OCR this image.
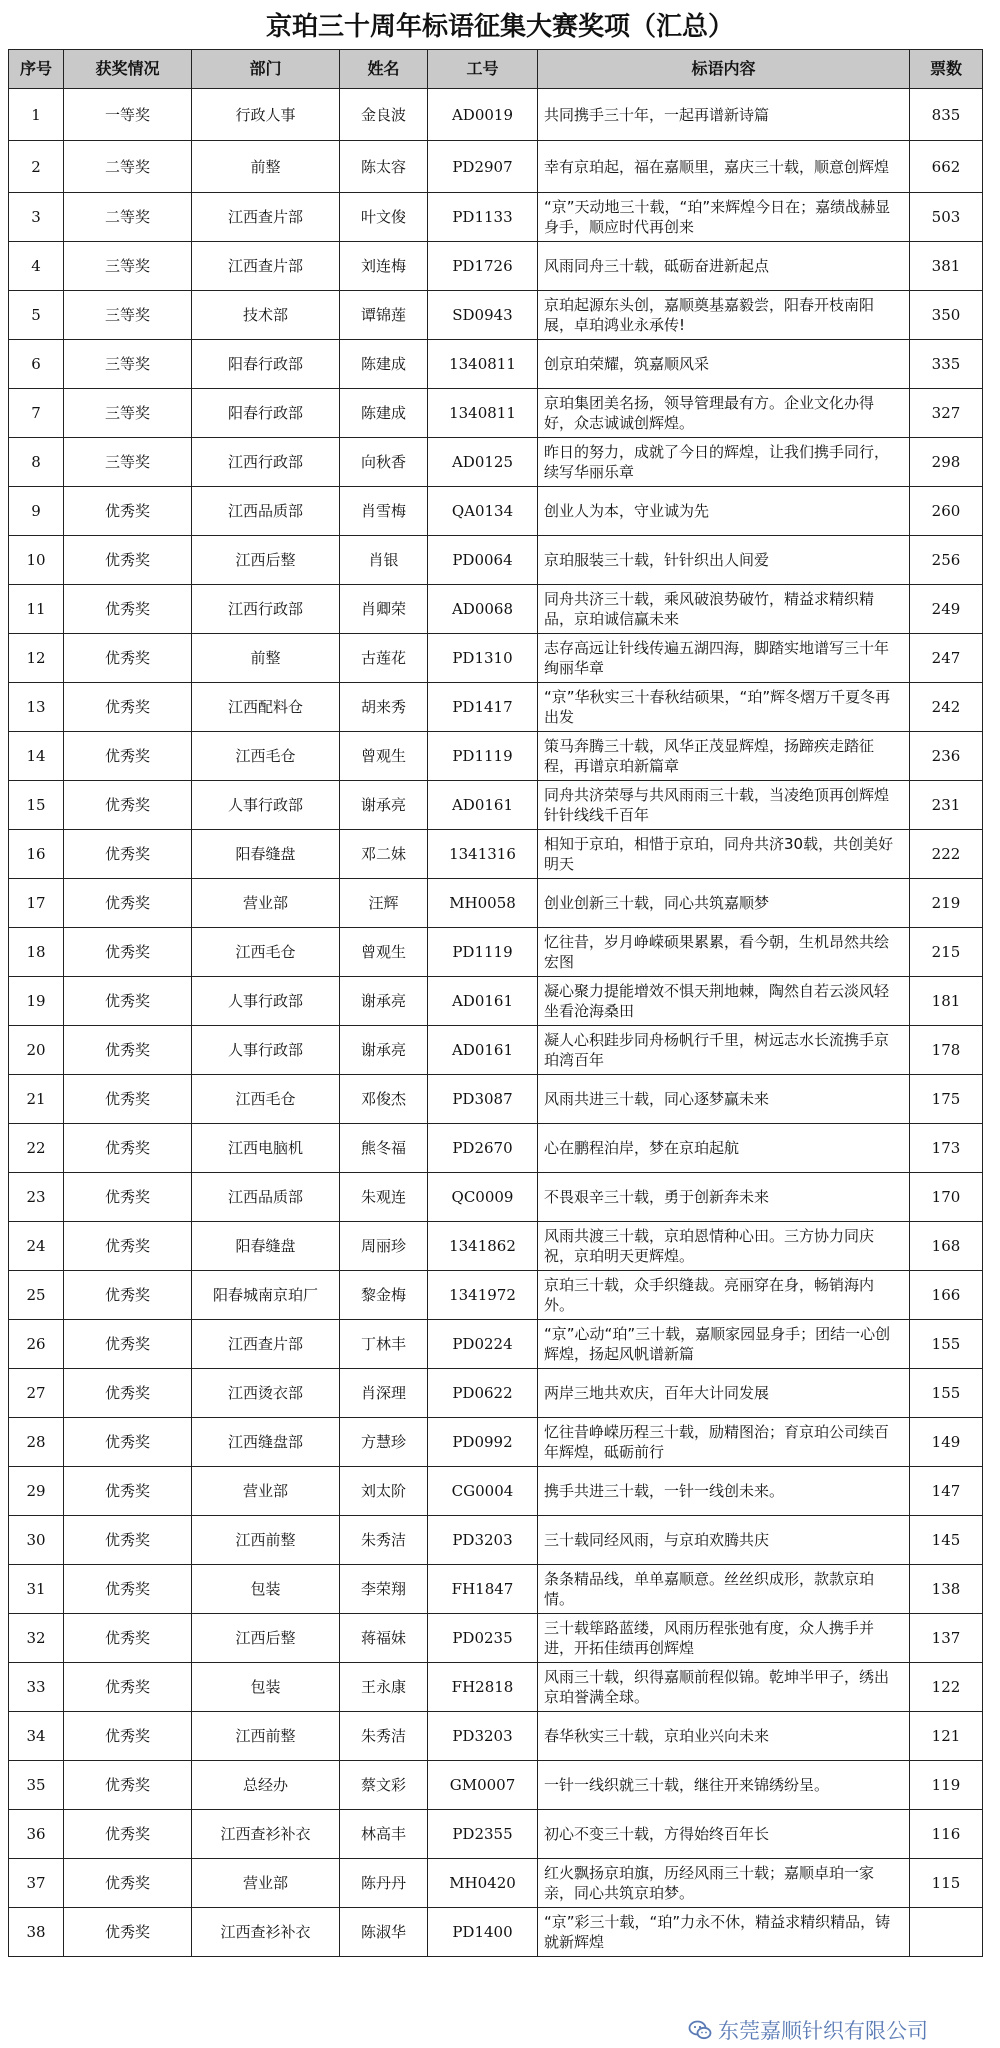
京珀三十周年标语征集大赛奖项（汇总）
序号	获奖情况	部门	姓名	工号	标语内容	票数
1	一等奖	行政人事	金良波	AD0019	共同携手三十年，一起再谱新诗篇	835
2	二等奖	前整	陈太容	PD2907	幸有京珀起，福在嘉顺里，嘉庆三十载，顺意创辉煌	662
3	二等奖	江西查片部	叶文俊	PD1133	“京”天动地三十载，“珀”来辉煌今日在；嘉绩战赫显身手，顺应时代再创来	503
4	三等奖	江西查片部	刘连梅	PD1726	风雨同舟三十载，砥砺奋进新起点	381
5	三等奖	技术部	谭锦莲	SD0943	京珀起源东头创，嘉顺奠基嘉毅尝，阳春开枝南阳展，卓珀鸿业永承传!	350
6	三等奖	阳春行政部	陈建成	1340811	创京珀荣耀，筑嘉顺风采	335
7	三等奖	阳春行政部	陈建成	1340811	京珀集团美名扬，领导管理最有方。企业文化办得好，众志诚诚创辉煌。	327
8	三等奖	江西行政部	向秋香	AD0125	昨日的努力，成就了今日的辉煌，让我们携手同行，续写华丽乐章	298
9	优秀奖	江西品质部	肖雪梅	QA0134	创业人为本，守业诚为先	260
10	优秀奖	江西后整	肖银	PD0064	京珀服装三十载，针针织出人间爱	256
11	优秀奖	江西行政部	肖卿荣	AD0068	同舟共济三十载，乘风破浪势破竹，精益求精织精品，京珀诚信赢未来	249
12	优秀奖	前整	古莲花	PD1310	志存高远让针线传遍五湖四海，脚踏实地谱写三十年绚丽华章	247
13	优秀奖	江西配料仓	胡来秀	PD1417	“京”华秋实三十春秋结硕果，“珀”辉冬熠万千夏冬再出发	242
14	优秀奖	江西毛仓	曾观生	PD1119	策马奔腾三十载，风华正茂显辉煌，扬蹄疾走踏征程，再谱京珀新篇章	236
15	优秀奖	人事行政部	谢承亮	AD0161	同舟共济荣辱与共风雨雨三十载，当凌绝顶再创辉煌针针线线千百年	231
16	优秀奖	阳春缝盘	邓二妹	1341316	相知于京珀，相惜于京珀，同舟共济30载，共创美好明天	222
17	优秀奖	营业部	汪辉	MH0058	创业创新三十载，同心共筑嘉顺梦	219
18	优秀奖	江西毛仓	曾观生	PD1119	忆往昔，岁月峥嵘硕果累累，看今朝，生机昂然共绘宏图	215
19	优秀奖	人事行政部	谢承亮	AD0161	凝心聚力提能增效不惧天荆地棘，陶然自若云淡风轻坐看沧海桑田	181
20	优秀奖	人事行政部	谢承亮	AD0161	凝人心积跬步同舟杨帆行千里，树远志水长流携手京珀湾百年	178
21	优秀奖	江西毛仓	邓俊杰	PD3087	风雨共进三十载，同心逐梦赢未来	175
22	优秀奖	江西电脑机	熊冬福	PD2670	心在鹏程泊岸，梦在京珀起航	173
23	优秀奖	江西品质部	朱观连	QC0009	不畏艰辛三十载，勇于创新奔未来	170
24	优秀奖	阳春缝盘	周丽珍	1341862	风雨共渡三十载，京珀恩情种心田。三方协力同庆祝，京珀明天更辉煌。	168
25	优秀奖	阳春城南京珀厂	黎金梅	1341972	京珀三十载，众手织缝裁。亮丽穿在身，畅销海内外。	166
26	优秀奖	江西查片部	丁林丰	PD0224	“京”心动“珀”三十载，嘉顺家园显身手；团结一心创辉煌，扬起风帆谱新篇	155
27	优秀奖	江西烫衣部	肖深理	PD0622	两岸三地共欢庆，百年大计同发展	155
28	优秀奖	江西缝盘部	方慧珍	PD0992	忆往昔峥嵘历程三十载，励精图治；育京珀公司续百年辉煌，砥砺前行	149
29	优秀奖	营业部	刘太阶	CG0004	携手共进三十载，一针一线创未来。	147
30	优秀奖	江西前整	朱秀洁	PD3203	三十载同经风雨，与京珀欢腾共庆	145
31	优秀奖	包装	李荣翔	FH1847	条条精品线，单单嘉顺意。丝丝织成形，款款京珀情。	138
32	优秀奖	江西后整	蒋福妹	PD0235	三十载筚路蓝缕，风雨历程张弛有度，众人携手并进，开拓佳绩再创辉煌	137
33	优秀奖	包装	王永康	FH2818	风雨三十载，织得嘉顺前程似锦。乾坤半甲子，绣出京珀誉满全球。	122
34	优秀奖	江西前整	朱秀洁	PD3203	春华秋实三十载，京珀业兴向未来	121
35	优秀奖	总经办	蔡文彩	GM0007	一针一线织就三十载，继往开来锦绣纷呈。	119
36	优秀奖	江西查衫补衣	林高丰	PD2355	初心不变三十载，方得始终百年长	116
37	优秀奖	营业部	陈丹丹	MH0420	红火飘扬京珀旗，历经风雨三十载；嘉顺卓珀一家亲，同心共筑京珀梦。	115
38	优秀奖	江西查衫补衣	陈淑华	PD1400	“京”彩三十载，“珀”力永不休，精益求精织精品，铸就新辉煌	
东莞嘉顺针织有限公司
